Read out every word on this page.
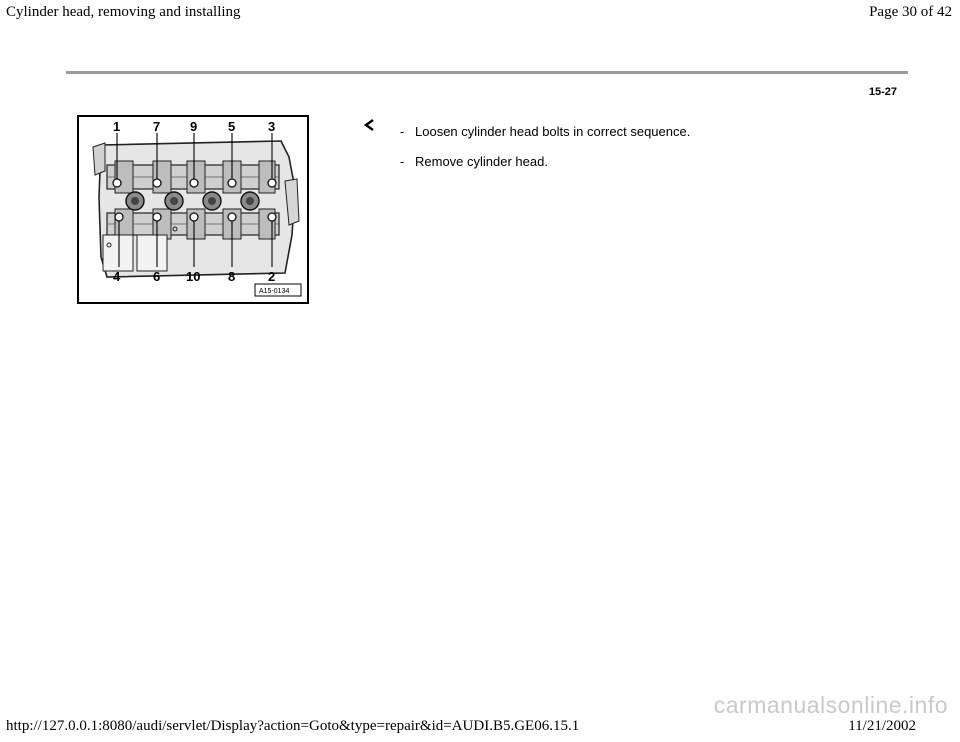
Cylinder head, removing and installing	Page 30 of 42
15-27
1	7 9 5	3
4	6 10 8	2
A15-0134
- Loosen cylinder head bolts in correct sequence.
- Remove cylinder head.
carmanualsonline.info
http://127.0.0.1:8080/audi/servlet/Display?action=Goto&type=repair&id=AUDI.B5.GE06.15.1	11/21/2002
